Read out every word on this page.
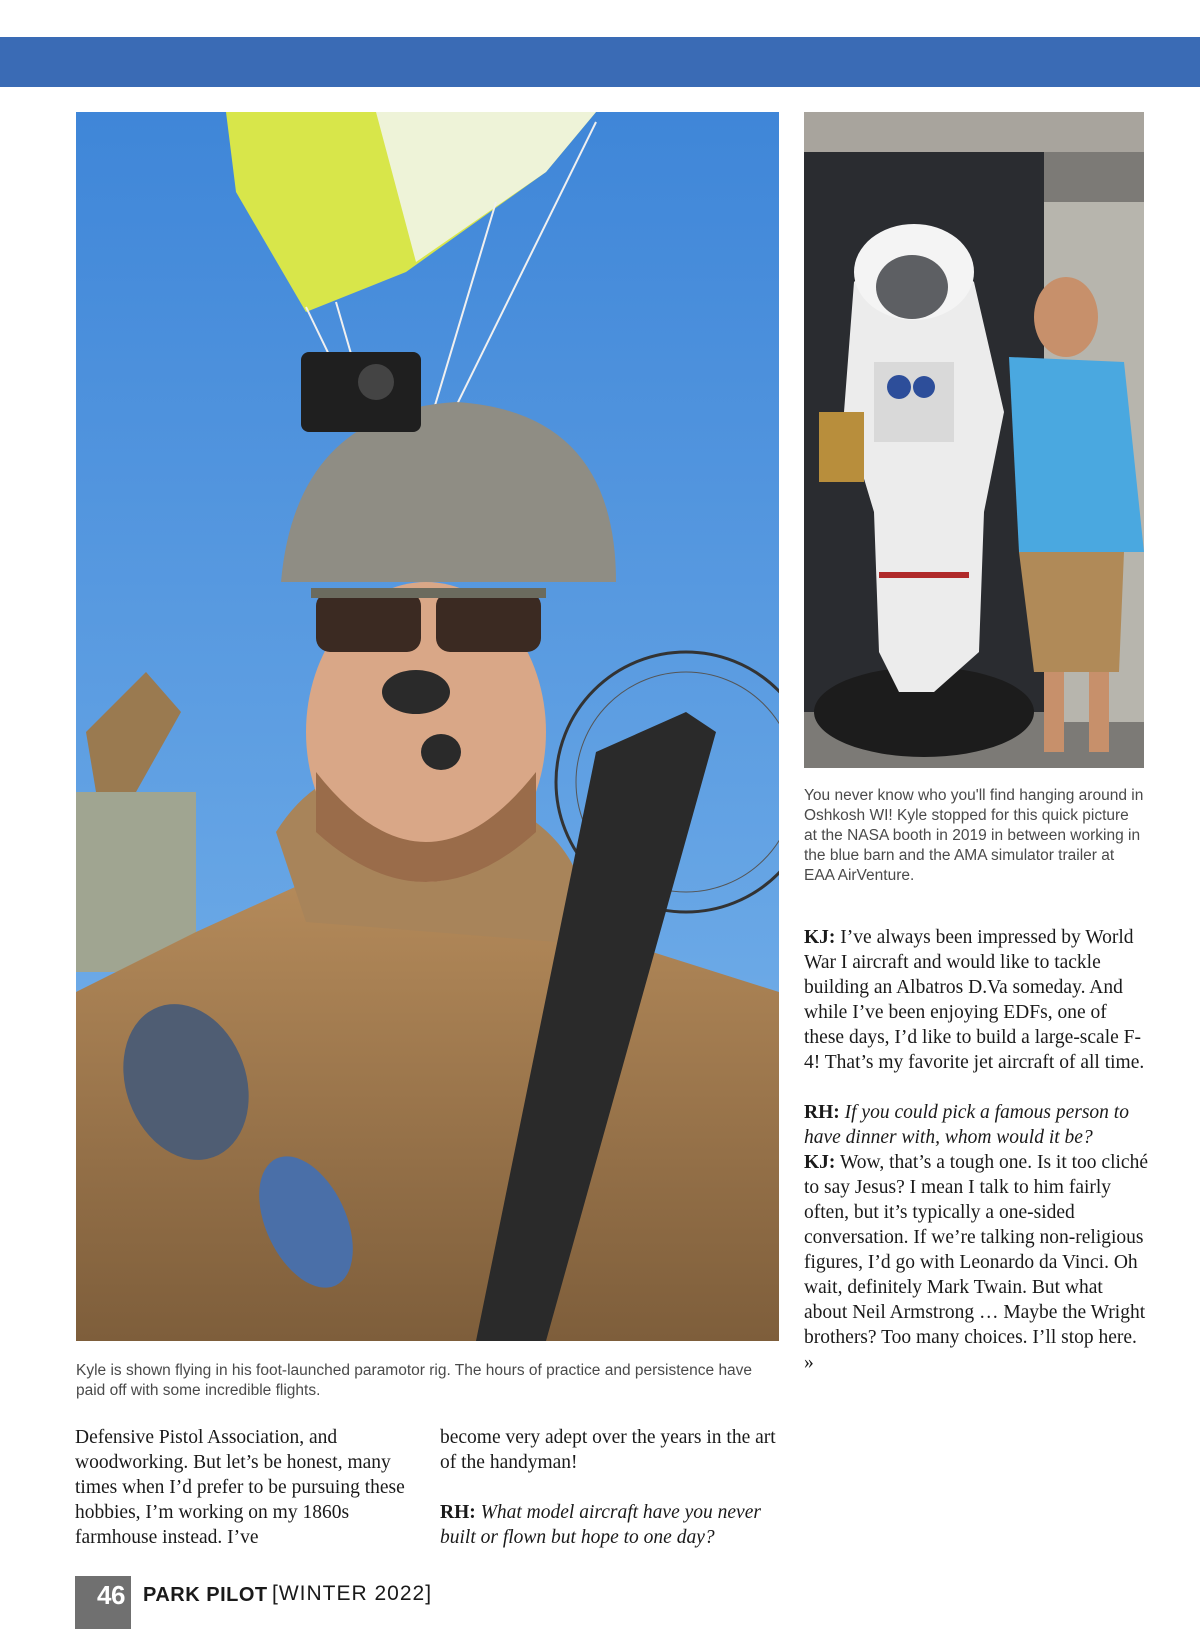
You never know who you'll find hanging around in Oshkosh WI! Kyle stopped for this quick picture at the NASA booth in 2019 in between working in the blue barn and the AMA simulator trailer at EAA AirVenture.

Kyle is shown flying in his foot-launched paramotor rig. The hours of practice and persistence have paid off with some incredible flights.

KJ: I’ve always been impressed by World War I aircraft and would like to tackle building an Albatros D.Va someday. And while I’ve been enjoying EDFs, one of these days, I’d like to build a large-scale F-4! That’s my favorite jet aircraft of all time.

RH: If you could pick a famous person to have dinner with, whom would it be?

KJ: Wow, that’s a tough one. Is it too cliché to say Jesus? I mean I talk to him fairly often, but it’s typically a one-sided conversation. If we’re talking non-religious figures, I’d go with Leonardo da Vinci. Oh wait, definitely Mark Twain. But what about Neil Armstrong … Maybe the Wright brothers? Too many choices. I’ll stop here. »

Defensive Pistol Association, and woodworking. But let’s be honest, many times when I’d prefer to be pursuing these hobbies, I’m working on my 1860s farmhouse instead. I’ve

become very adept over the years in the art of the handyman!

RH: What model aircraft have you never built or flown but hope to one day?

46 PARK PILOT [WINTER 2022]
